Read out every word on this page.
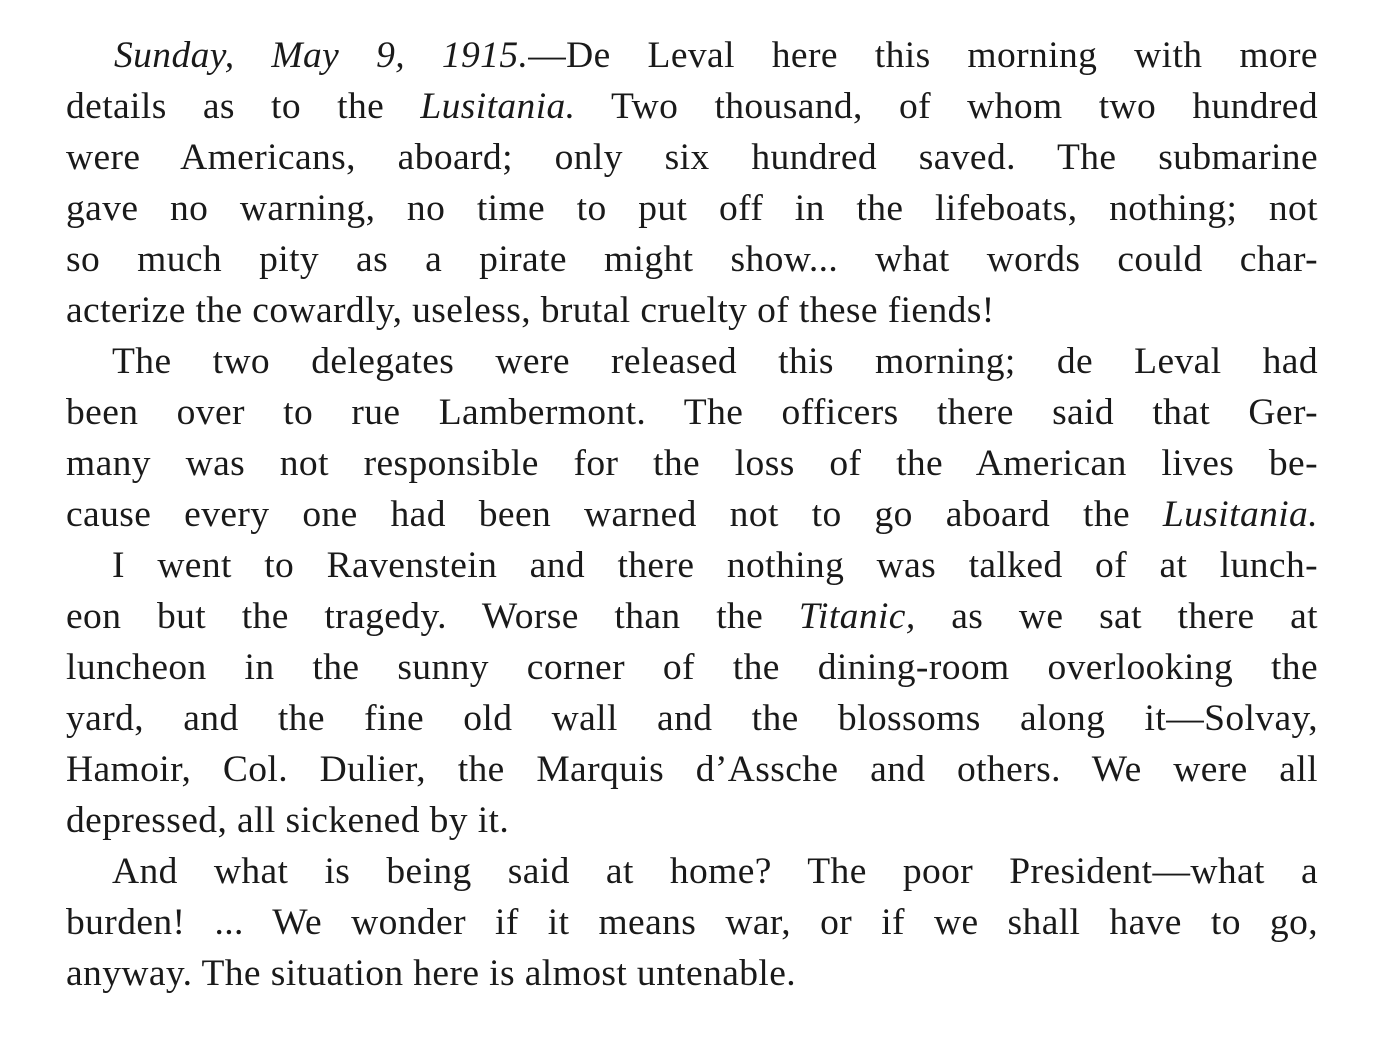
Sunday, May 9, 1915.—De Leval here this morning with more
details as to the Lusitania. Two thousand, of whom two hundred
were Americans, aboard; only six hundred saved. The submarine
gave no warning, no time to put off in the lifeboats, nothing; not
so much pity as a pirate might show... what words could char-
acterize the cowardly, useless, brutal cruelty of these fiends!
The two delegates were released this morning; de Leval had
been over to rue Lambermont. The officers there said that Ger-
many was not responsible for the loss of the American lives be-
cause every one had been warned not to go aboard the Lusitania.
I went to Ravenstein and there nothing was talked of at lunch-
eon but the tragedy. Worse than the Titanic, as we sat there at
luncheon in the sunny corner of the dining-room overlooking the
yard, and the fine old wall and the blossoms along it—Solvay,
Hamoir, Col. Dulier, the Marquis d’Assche and others. We were all
depressed, all sickened by it.
And what is being said at home? The poor President—what a
burden! ... We wonder if it means war, or if we shall have to go,
anyway. The situation here is almost untenable.
